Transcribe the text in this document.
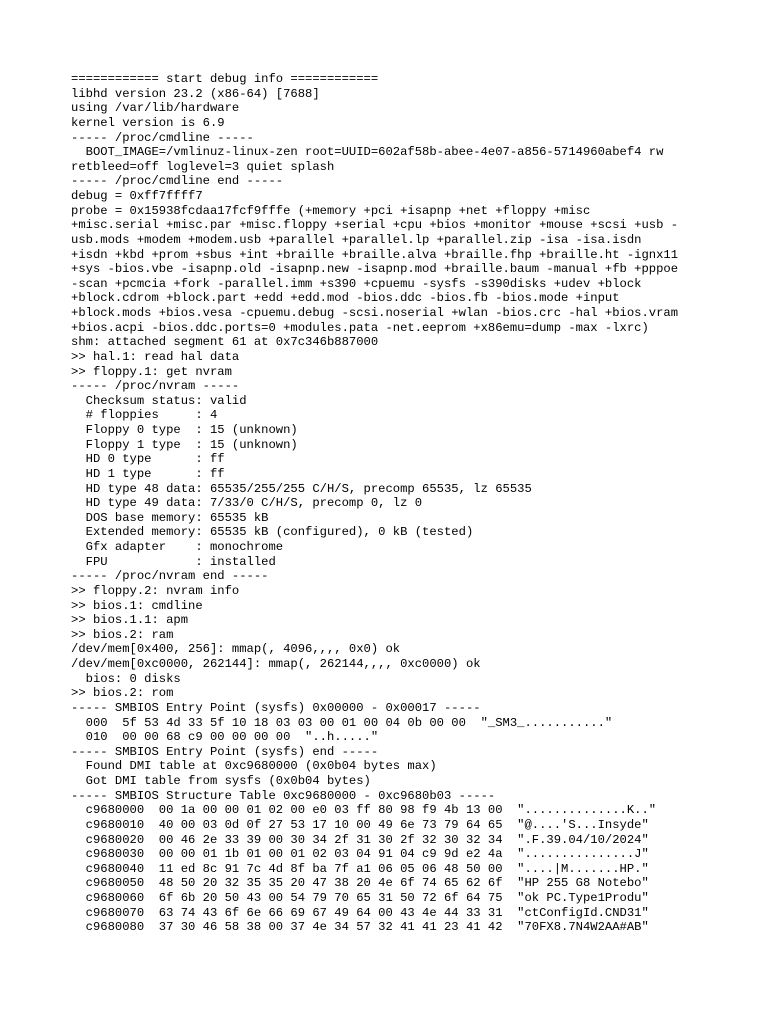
============ start debug info ============
libhd version 23.2 (x86-64) [7688]
using /var/lib/hardware
kernel version is 6.9
----- /proc/cmdline -----
BOOT_IMAGE=/vmlinuz-linux-zen root=UUID=602af58b-abee-4e07-a856-5714960abef4 rw
retbleed=off loglevel=3 quiet splash
----- /proc/cmdline end -----
debug = 0xff7ffff7
probe = 0x15938fcdaa17fcf9fffe (+memory +pci +isapnp +net +floppy +misc
+misc.serial +misc.par +misc.floppy +serial +cpu +bios +monitor +mouse +scsi +usb -
usb.mods +modem +modem.usb +parallel +parallel.lp +parallel.zip -isa -isa.isdn
+isdn +kbd +prom +sbus +int +braille +braille.alva +braille.fhp +braille.ht -ignx11
+sys -bios.vbe -isapnp.old -isapnp.new -isapnp.mod +braille.baum -manual +fb +pppoe
-scan +pcmcia +fork -parallel.imm +s390 +cpuemu -sysfs -s390disks +udev +block
+block.cdrom +block.part +edd +edd.mod -bios.ddc -bios.fb -bios.mode +input
+block.mods +bios.vesa -cpuemu.debug -scsi.noserial +wlan -bios.crc -hal +bios.vram
+bios.acpi -bios.ddc.ports=0 +modules.pata -net.eeprom +x86emu=dump -max -lxrc)
shm: attached segment 61 at 0x7c346b887000
>> hal.1: read hal data
>> floppy.1: get nvram
----- /proc/nvram -----
Checksum status: valid
# floppies     : 4
Floppy 0 type  : 15 (unknown)
Floppy 1 type  : 15 (unknown)
HD 0 type      : ff
HD 1 type      : ff
HD type 48 data: 65535/255/255 C/H/S, precomp 65535, lz 65535
HD type 49 data: 7/33/0 C/H/S, precomp 0, lz 0
DOS base memory: 65535 kB
Extended memory: 65535 kB (configured), 0 kB (tested)
Gfx adapter    : monochrome
FPU            : installed
----- /proc/nvram end -----
>> floppy.2: nvram info
>> bios.1: cmdline
>> bios.1.1: apm
>> bios.2: ram
/dev/mem[0x400, 256]: mmap(, 4096,,,, 0x0) ok
/dev/mem[0xc0000, 262144]: mmap(, 262144,,,, 0xc0000) ok
bios: 0 disks
>> bios.2: rom
----- SMBIOS Entry Point (sysfs) 0x00000 - 0x00017 -----
000  5f 53 4d 33 5f 10 18 03 03 00 01 00 04 0b 00 00  "_SM3_..........."
010  00 00 68 c9 00 00 00 00  "..h....."
----- SMBIOS Entry Point (sysfs) end -----
Found DMI table at 0xc9680000 (0x0b04 bytes max)
Got DMI table from sysfs (0x0b04 bytes)
----- SMBIOS Structure Table 0xc9680000 - 0xc9680b03 -----
c9680000  00 1a 00 00 01 02 00 e0 03 ff 80 98 f9 4b 13 00  "..............K.."
c9680010  40 00 03 0d 0f 27 53 17 10 00 49 6e 73 79 64 65  "@....'S...Insyde"
c9680020  00 46 2e 33 39 00 30 34 2f 31 30 2f 32 30 32 34  ".F.39.04/10/2024"
c9680030  00 00 01 1b 01 00 01 02 03 04 91 04 c9 9d e2 4a  "...............J"
c9680040  11 ed 8c 91 7c 4d 8f ba 7f a1 06 05 06 48 50 00  "....|M.......HP."
c9680050  48 50 20 32 35 35 20 47 38 20 4e 6f 74 65 62 6f  "HP 255 G8 Notebo"
c9680060  6f 6b 20 50 43 00 54 79 70 65 31 50 72 6f 64 75  "ok PC.Type1Produ"
c9680070  63 74 43 6f 6e 66 69 67 49 64 00 43 4e 44 33 31  "ctConfigId.CND31"
c9680080  37 30 46 58 38 00 37 4e 34 57 32 41 41 23 41 42  "70FX8.7N4W2AA#AB"
